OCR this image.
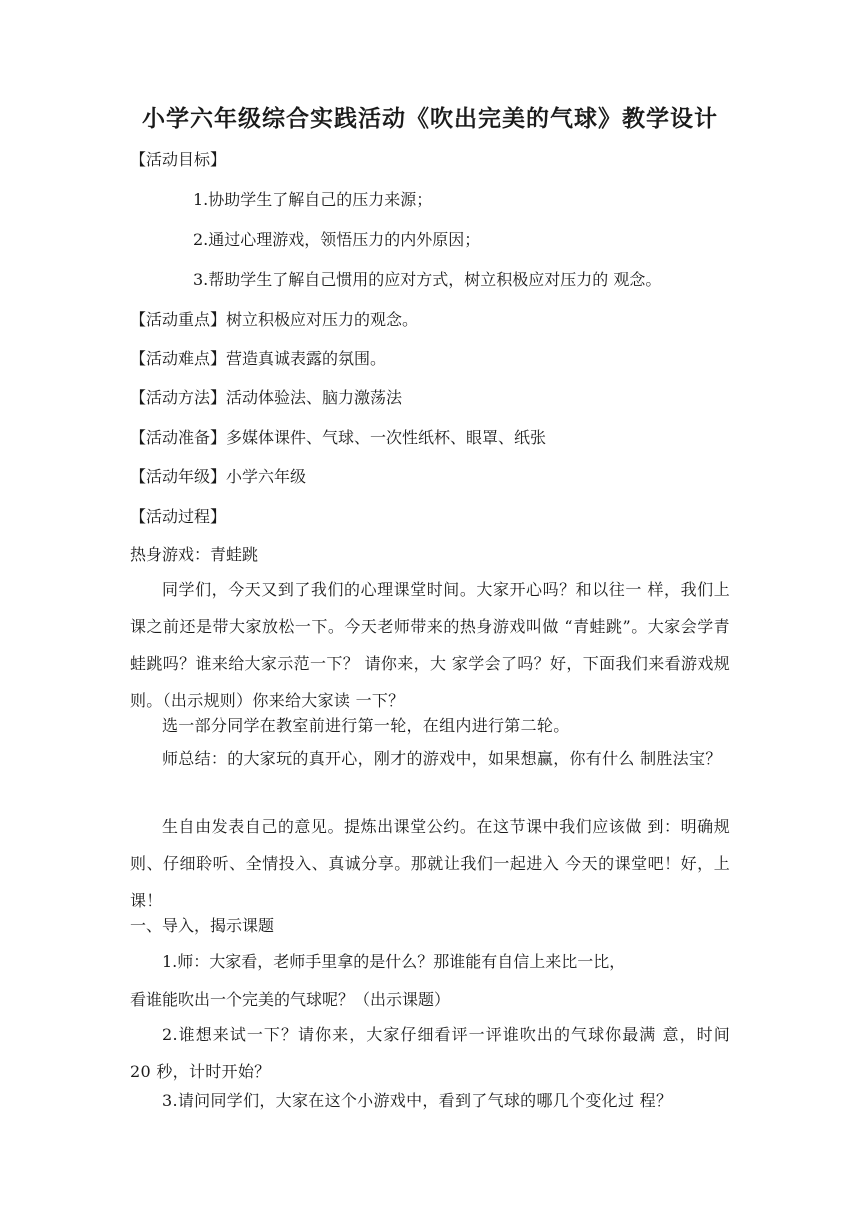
小学六年级综合实践活动《吹出完美的气球》教学设计

【活动目标】

1.协助学生了解自己的压力来源；

2.通过心理游戏，领悟压力的内外原因；

3.帮助学生了解自己惯用的应对方式，树立积极应对压力的 观念。

【活动重点】树立积极应对压力的观念。

【活动难点】营造真诚表露的氛围。

【活动方法】活动体验法、脑力激荡法

【活动准备】多媒体课件、气球、一次性纸杯、眼罩、纸张

【活动年级】小学六年级

【活动过程】

热身游戏：青蛙跳

同学们，今天又到了我们的心理课堂时间。大家开心吗？和以往一 样，我们上课之前还是带大家放松一下。今天老师带来的热身游戏叫做 “青蛙跳”。大家会学青蛙跳吗？谁来给大家示范一下？ 请你来，大 家学会了吗？好，下面我们来看游戏规则。（出示规则）你来给大家读 一下？

选一部分同学在教室前进行第一轮，在组内进行第二轮。

师总结：的大家玩的真开心，刚才的游戏中，如果想赢，你有什么 制胜法宝？

生自由发表自己的意见。提炼出课堂公约。在这节课中我们应该做 到：明确规则、仔细聆听、全情投入、真诚分享。那就让我们一起进入 今天的课堂吧！好，上课！

一、导入，揭示课题

1.师：大家看，老师手里拿的是什么？那谁能有自信上来比一比，

看谁能吹出一个完美的气球呢？（出示课题）

2.谁想来试一下？请你来，大家仔细看评一评谁吹出的气球你最满 意，时间 20 秒，计时开始？

3.请问同学们，大家在这个小游戏中，看到了气球的哪几个变化过 程？
